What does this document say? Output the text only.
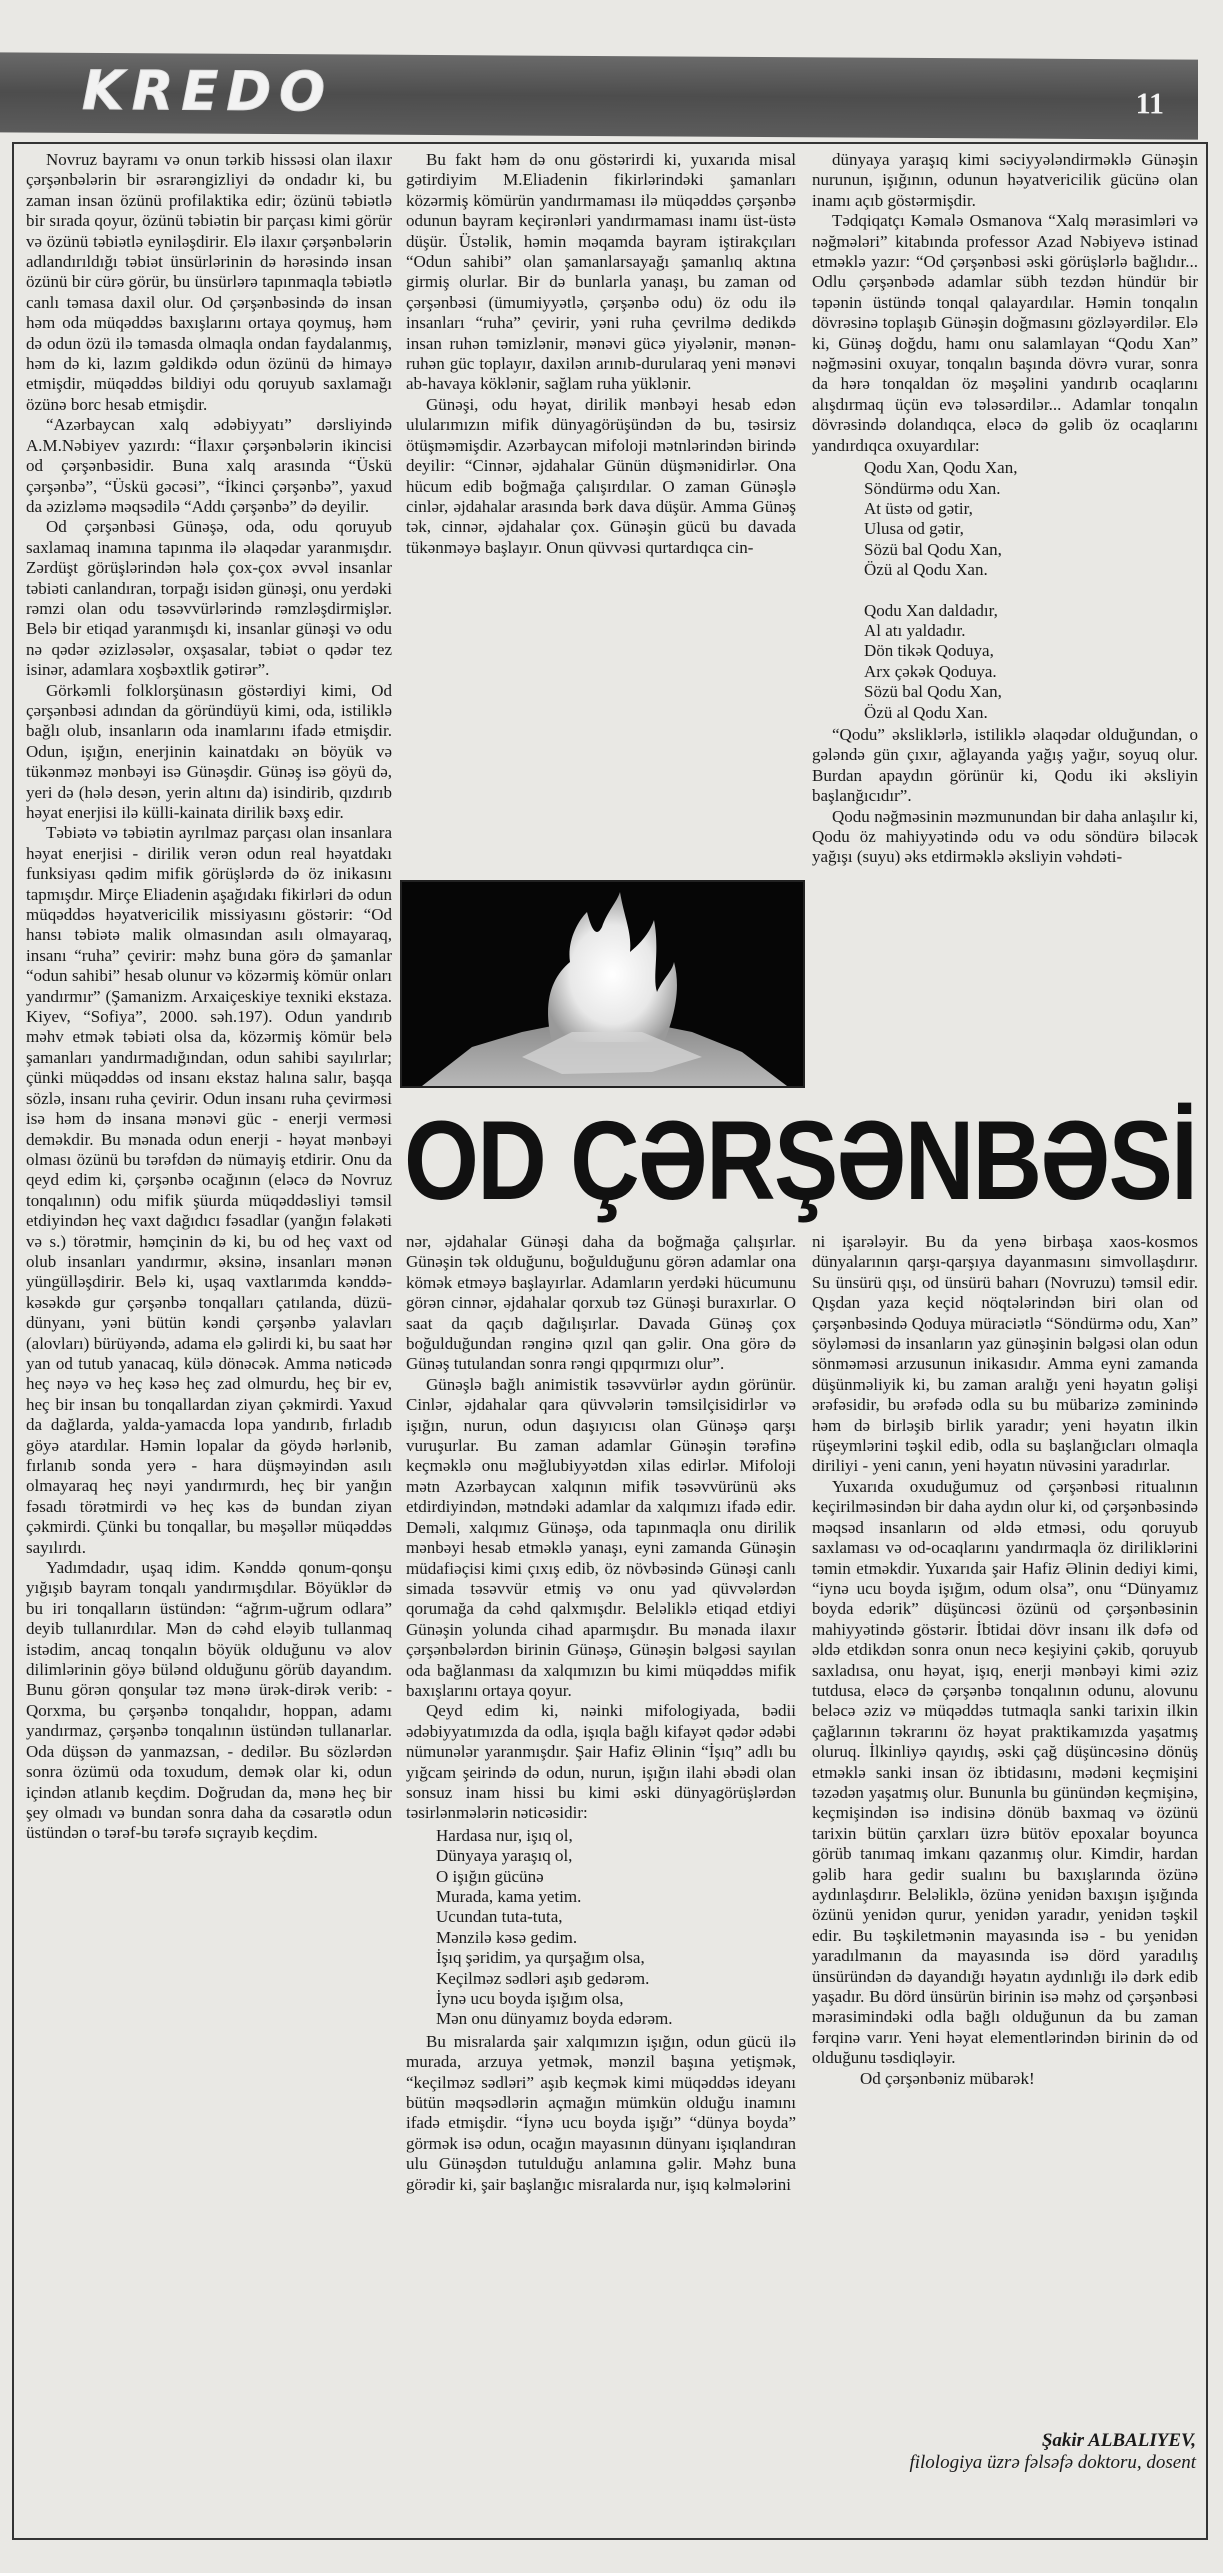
KREDO	11

Novruz bayramı və onun tərkib hissəsi olan ilaxır çərşənbələrin bir əsrarəngizliyi də ondadır ki, bu zaman insan özünü profilaktika edir; özünü təbiətlə bir sırada qoyur, özünü təbiətin bir parçası kimi görür və özünü təbiətlə eyniləşdirir. Elə ilaxır çərşənbələrin adlandırıldığı təbiət ünsürlərinin də hərəsində insan özünü bir cürə görür, bu ünsürlərə tapınmaqla təbiətlə canlı təmasa daxil olur. Od çərşənbəsində də insan həm oda müqəddəs baxışlarını ortaya qoymuş, həm də odun özü ilə təmasda olmaqla ondan faydalanmış, həm də ki, lazım gəldikdə odun özünü də himayə etmişdir, müqəddəs bildiyi odu qoruyub saxlamağı özünə borc hesab etmişdir.

“Azərbaycan xalq ədəbiyyatı” dərsliyində A.M.Nəbiyev yazırdı: “İlaxır çərşənbələrin ikincisi od çərşənbəsidir. Buna xalq arasında “Üskü çərşənbə”, “Üskü gəcəsi”, “İkinci çərşənbə”, yaxud da əzizləmə məqsədilə “Addı çərşənbə” də deyilir.

Od çərşənbəsi Günəşə, oda, odu qoruyub saxlamaq inamına tapınma ilə əlaqədar yaranmışdır. Zərdüşt görüşlərindən hələ çox-çox əvvəl insanlar təbiəti canlandıran, torpağı isidən günəşi, onu yerdəki rəmzi olan odu təsəvvürlərində rəmzləşdirmişlər. Belə bir etiqad yaranmışdı ki, insanlar günəşi və odu nə qədər əzizləsələr, oxşasalar, təbiət o qədər tez isinər, adamlara xoşbəxtlik gətirər”.

Görkəmli folklorşünasın göstərdiyi kimi, Od çərşənbəsi adından da göründüyü kimi, oda, istiliklə bağlı olub, insanların oda inamlarını ifadə etmişdir. Odun, işığın, enerjinin kainatdakı ən böyük və tükənməz mənbəyi isə Günəşdir. Günəş isə göyü də, yeri də (hələ desən, yerin altını da) isindirib, qızdırıb həyat enerjisi ilə külli-kainata dirilik bəxş edir.

Təbiətə və təbiətin ayrılmaz parçası olan insanlara həyat enerjisi - dirilik verən odun real həyatdakı funksiyası qədim mifik görüşlərdə də öz inikasını tapmışdır. Mirçe Eliadenin aşağıdakı fikirləri də odun müqəddəs həyatvericilik missiyasını göstərir: “Od hansı təbiətə malik olmasından asılı olmayaraq, insanı “ruha” çevirir: məhz buna görə də şamanlar “odun sahibi” hesab olunur və közərmiş kömür onları yandırmır” (Şamanizm. Arxaiçeskiye texniki ekstaza. Kiyev, “Sofiya”, 2000. səh.197). Odun yandırıb məhv etmək təbiəti olsa da, közərmiş kömür belə şamanları yandırmadığından, odun sahibi sayılırlar; çünki müqəddəs od insanı ekstaz halına salır, başqa sözlə, insanı ruha çevirir. Odun insanı ruha çevirməsi isə həm də insana mənəvi güc - enerji verməsi deməkdir. Bu mənada odun enerji - həyat mənbəyi olması özünü bu tərəfdən də nümayiş etdirir. Onu da qeyd edim ki, çərşənbə ocağının (eləcə də Novruz tonqalının) odu mifik şüurda müqəddəsliyi təmsil etdiyindən heç vaxt dağıdıcı fəsadlar (yanğın fəlakəti və s.) törətmir, həmçinin də ki, bu od heç vaxt od olub insanları yandırmır, əksinə, insanları mənən yüngülləşdirir. Belə ki, uşaq vaxtlarımda kənddə-kəsəkdə gur çərşənbə tonqalları çatılanda, düzü-dünyanı, yəni bütün kəndi çərşənbə yalavları (alovları) bürüyəndə, adama elə gəlirdi ki, bu saat hər yan od tutub yanacaq, külə dönəcək. Amma nəticədə heç nəyə və heç kəsə heç zad olmurdu, heç bir ev, heç bir insan bu tonqallardan ziyan çəkmirdi. Yaxud da dağlarda, yalda-yamacda lopa yandırıb, fırladıb göyə atardılar. Həmin lopalar da göydə hərlənib, fırlanıb sonda yerə - hara düşməyindən asılı olmayaraq heç nəyi yandırmırdı, heç bir yanğın fəsadı törətmirdi və heç kəs də bundan ziyan çəkmirdi. Çünki bu tonqallar, bu məşəllər müqəddəs sayılırdı.

Yadımdadır, uşaq idim. Kənddə qonum-qonşu yığışıb bayram tonqalı yandırmışdılar. Böyüklər də bu iri tonqalların üstündən: “ağrım-uğrum odlara” deyib tullanırdılar. Mən də cəhd eləyib tullanmaq istədim, ancaq tonqalın böyük olduğunu və alov dilimlərinin göyə bülənd olduğunu görüb dayandım. Bunu görən qonşular təz mənə ürək-dirək verib: - Qorxma, bu çərşənbə tonqalıdır, hoppan, adamı yandırmaz, çərşənbə tonqalının üstündən tullanarlar. Oda düşsən də yanmazsan, - dedilər. Bu sözlərdən sonra özümü oda toxudum, demək olar ki, odun içindən atlanıb keçdim. Doğrudan da, mənə heç bir şey olmadı və bundan sonra daha da cəsarətlə odun üstündən o tərəf-bu tərəfə sıçrayıb keçdim.

Bu fakt həm də onu göstərirdi ki, yuxarıda misal gətirdiyim M.Eliadenin fikirlərindəki şamanları közərmiş kömürün yandırmaması ilə müqəddəs çərşənbə odunun bayram keçirənləri yandırmaması inamı üst-üstə düşür. Üstəlik, həmin məqamda bayram iştirakçıları “Odun sahibi” olan şamanlarsayağı şamanlıq aktına girmiş olurlar. Bir də bunlarla yanaşı, bu zaman od çərşənbəsi (ümumiyyətlə, çərşənbə odu) öz odu ilə insanları “ruha” çevirir, yəni ruha çevrilmə dedikdə insan ruhən təmizlənir, mənəvi gücə yiyələnir, mənən-ruhən güc toplayır, daxilən arınıb-durularaq yeni mənəvi ab-havaya köklənir, sağlam ruha yüklənir.

Günəşi, odu həyat, dirilik mənbəyi hesab edən ulularımızın mifik dünyagörüşündən də bu, təsirsiz ötüşməmişdir. Azərbaycan mifoloji mətnlərindən birində deyilir: “Cinnər, əjdahalar Günün düşmənidirlər. Ona hücum edib boğmağa çalışırdılar. O zaman Günəşlə cinlər, əjdahalar arasında bərk dava düşür. Amma Günəş tək, cinnər, əjdahalar çox. Günəşin gücü bu davada tükənməyə başlayır. Onun qüvvəsi qurtardıqca cin-

dünyaya yaraşıq kimi səciyyələndirməklə Günəşin nurunun, işığının, odunun həyatvericilik gücünə olan inamı açıb göstərmişdir.

Tədqiqatçı Kəmalə Osmanova “Xalq mərasimləri və nəğmələri” kitabında professor Azad Nəbiyevə istinad etməklə yazır: “Od çərşənbəsi əski görüşlərlə bağlıdır... Odlu çərşənbədə adamlar sübh tezdən hündür bir təpənin üstündə tonqal qalayardılar. Həmin tonqalın dövrəsinə toplaşıb Günəşin doğmasını gözləyərdilər. Elə ki, Günəş doğdu, hamı onu salamlayan “Qodu Xan” nəğməsini oxuyar, tonqalın başında dövrə vurar, sonra da hərə tonqaldan öz məşəlini yandırıb ocaqlarını alışdırmaq üçün evə tələsərdilər... Adamlar tonqalın dövrəsində dolandıqca, eləcə də gəlib öz ocaqlarını yandırdıqca oxuyardılar:

Qodu Xan, Qodu Xan,
Söndürmə odu Xan.
At üstə od gətir,
Ulusa od gətir,
Sözü bal Qodu Xan,
Özü al Qodu Xan.
Qodu Xan daldadır,
Al atı yaldadır.
Dön tikək Qoduya,
Arx çəkək Qoduya.
Sözü bal Qodu Xan,
Özü al Qodu Xan.

“Qodu” əksliklərlə, istiliklə əlaqədar olduğundan, o gələndə gün çıxır, ağlayanda yağış yağır, soyuq olur. Burdan apaydın görünür ki, Qodu iki əksliyin başlanğıcıdır”.

Qodu nəğməsinin məzmunundan bir daha anlaşılır ki, Qodu öz mahiyyətində odu və odu söndürə biləcək yağışı (suyu) əks etdirməklə əksliyin vəhdəti-

OD ÇƏRŞƏNBƏSİ

nər, əjdahalar Günəşi daha da boğmağa çalışırlar. Günəşin tək olduğunu, boğulduğunu görən adamlar ona kömək etməyə başlayırlar. Adamların yerdəki hücumunu görən cinnər, əjdahalar qorxub təz Günəşi buraxırlar. O saat da qaçıb dağılışırlar. Davada Günəş çox boğulduğundan rənginə qızıl qan gəlir. Ona görə də Günəş tutulandan sonra rəngi qıpqırmızı olur”.

Günəşlə bağlı animistik təsəvvürlər aydın görünür. Cinlər, əjdahalar qara qüvvələrin təmsilçisidirlər və işığın, nurun, odun daşıyıcısı olan Günəşə qarşı vuruşurlar. Bu zaman adamlar Günəşin tərəfinə keçməklə onu məğlubiyyətdən xilas edirlər. Mifoloji mətn Azərbaycan xalqının mifik təsəvvürünü əks etdirdiyindən, mətndəki adamlar da xalqımızı ifadə edir. Deməli, xalqımız Günəşə, oda tapınmaqla onu dirilik mənbəyi hesab etməklə yanaşı, eyni zamanda Günəşin müdafiəçisi kimi çıxış edib, öz növbəsində Günəşi canlı simada təsəvvür etmiş və onu yad qüvvələrdən qorumağa da cəhd qalxmışdır. Beləliklə etiqad etdiyi Günəşin yolunda cihad aparmışdır. Bu mənada ilaxır çərşənbələrdən birinin Günəşə, Günəşin bəlgəsi sayılan oda bağlanması da xalqımızın bu kimi müqəddəs mifik baxışlarını ortaya qoyur.

Qeyd edim ki, nəinki mifologiyada, bədii ədəbiyyatımızda da odla, işıqla bağlı kifayət qədər ədəbi nümunələr yaranmışdır. Şair Hafiz Əlinin “İşıq” adlı bu yığcam şeirində də odun, nurun, işığın ilahi əbədi olan sonsuz inam hissi bu kimi əski dünyagörüşlərdən təsirlənmələrin nəticəsidir:

Hardasa nur, işıq ol,
Dünyaya yaraşıq ol,
O işığın gücünə
Murada, kama yetim.
Ucundan tuta-tuta,
Mənzilə kəsə gedim.
İşıq şəridim, ya qurşağım olsa,
Keçilməz sədləri aşıb gedərəm.
İynə ucu boyda işığım olsa,
Mən onu dünyamız boyda edərəm.

Bu misralarda şair xalqımızın işığın, odun gücü ilə murada, arzuya yetmək, mənzil başına yetişmək, “keçilməz sədləri” aşıb keçmək kimi müqəddəs ideyanı bütün məqsədlərin açmağın mümkün olduğu inamını ifadə etmişdir. “İynə ucu boyda işığı” “dünya boyda” görmək isə odun, ocağın mayasının dünyanı işıqlandıran ulu Günəşdən tutulduğu anlamına gəlir. Məhz buna görədir ki, şair başlanğıc misralarda nur, işıq kəlmələrini

ni işarələyir. Bu da yenə birbaşa xaos-kosmos dünyalarının qarşı-qarşıya dayanmasını simvollaşdırır. Su ünsürü qışı, od ünsürü baharı (Novruzu) təmsil edir. Qışdan yaza keçid nöqtələrindən biri olan od çərşənbəsində Qoduya müraciətlə “Söndürmə odu, Xan” söyləməsi də insanların yaz günəşinin bəlgəsi olan odun sönməməsi arzusunun inikasıdır. Amma eyni zamanda düşünməliyik ki, bu zaman aralığı yeni həyatın gəlişi ərəfəsidir, bu ərəfədə odla su bu mübarizə zəminində həm də birləşib birlik yaradır; yeni həyatın ilkin rüşeymlərini təşkil edib, odla su başlanğıcları olmaqla diriliyi - yeni canın, yeni həyatın nüvəsini yaradırlar.

Yuxarıda oxuduğumuz od çərşənbəsi ritualının keçirilməsindən bir daha aydın olur ki, od çərşənbəsində məqsəd insanların od əldə etməsi, odu qoruyub saxlaması və od-ocaqlarını yandırmaqla öz diriliklərini təmin etməkdir. Yuxarıda şair Hafiz Əlinin dediyi kimi, “iynə ucu boyda işığım, odum olsa”, onu “Dünyamız boyda edərik” düşüncəsi özünü od çərşənbəsinin mahiyyətində göstərir. İbtidai dövr insanı ilk dəfə od əldə etdikdən sonra onun necə keşiyini çəkib, qoruyub saxladısa, onu həyat, işıq, enerji mənbəyi kimi əziz tutdusa, eləcə də çərşənbə tonqalının odunu, alovunu beləcə əziz və müqəddəs tutmaqla sanki tarixin ilkin çağlarının təkrarını öz həyat praktikamızda yaşatmış oluruq. İlkinliyə qayıdış, əski çağ düşüncəsinə dönüş etməklə sanki insan öz ibtidasını, mədəni keçmişini təzədən yaşatmış olur. Bununla bu günündən keçmişinə, keçmişindən isə indisinə dönüb baxmaq və özünü tarixin bütün çarxları üzrə bütöv epoxalar boyunca görüb tanımaq imkanı qazanmış olur. Kimdir, hardan gəlib hara gedir sualını bu baxışlarında özünə aydınlaşdırır. Beləliklə, özünə yenidən baxışın işığında özünü yenidən qurur, yenidən yaradır, yenidən təşkil edir. Bu təşkiletmənin mayasında isə - bu yenidən yaradılmanın da mayasında isə dörd yaradılış ünsüründən də dayandığı həyatın aydınlığı ilə dərk edib yaşadır. Bu dörd ünsürün birinin isə məhz od çərşənbəsi mərasimindəki odla bağlı olduğunun da bu zaman fərqinə varır. Yeni həyat elementlərindən birinin də od olduğunu təsdiqləyir.

Od çərşənbəniz mübarək!

Şakir ALBALIYEV,
filologiya üzrə fəlsəfə doktoru, dosent
